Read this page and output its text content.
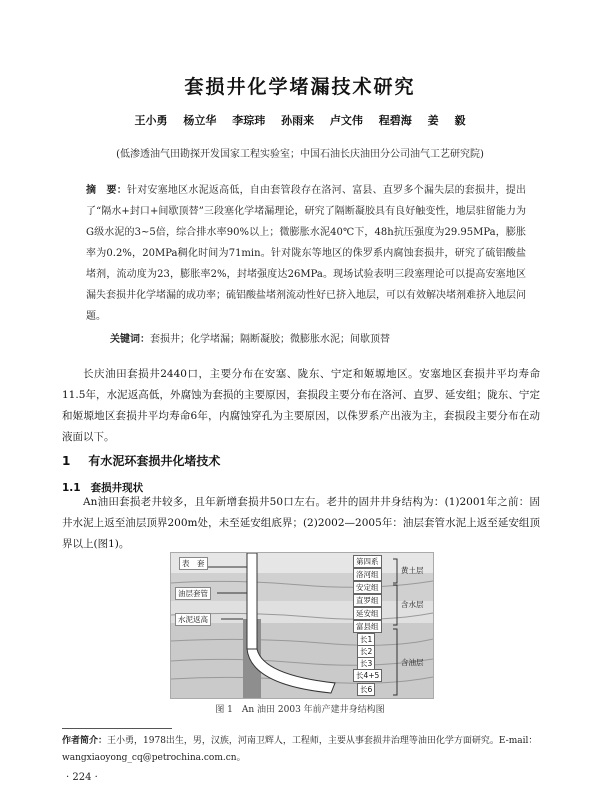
套损井化学堵漏技术研究
王小勇 杨立华 李琮玮 孙雨来 卢文伟 程碧海 姜 毅
(低渗透油气田勘探开发国家工程实验室；中国石油长庆油田分公司油气工艺研究院)
摘　要：针对安塞地区水泥返高低，自由套管段存在洛河、富县、直罗多个漏失层的套损井，提出了“隔水+封口+间歇顶替”三段塞化学堵漏理论，研究了隔断凝胶具有良好触变性，地层驻留能力为G级水泥的3~5倍，综合排水率90%以上；微膨胀水泥40℃下，48h抗压强度为29.95MPa，膨胀率为0.2%，20MPa稠化时间为71min。针对陇东等地区的侏罗系内腐蚀套损井，研究了硫铝酸盐堵剂，流动度为23，膨胀率2%，封堵强度达26MPa。现场试验表明三段塞理论可以提高安塞地区漏失套损井化学堵漏的成功率；硫铝酸盐堵剂流动性好已挤入地层，可以有效解决堵剂难挤入地层问题。
关键词：套损井；化学堵漏；隔断凝胶；微膨胀水泥；间歇顶替
长庆油田套损井2440口，主要分布在安塞、陇东、宁定和姬塬地区。安塞地区套损井平均寿命11.5年，水泥返高低，外腐蚀为套损的主要原因，套损段主要分布在洛河、直罗、延安组；陇东、宁定和姬塬地区套损井平均寿命6年，内腐蚀穿孔为主要原因，以侏罗系产出液为主，套损段主要分布在动液面以下。
1 有水泥环套损井化堵技术
1.1 套损井现状
An油田套损老井较多，且年新增套损井50口左右。老井的固井井身结构为：(1)2001年之前：固井水泥上返至油层顶界200m处，未至延安组底界；(2)2002—2005年：油层套管水泥上返至延安组顶界以上(图1)。
表　套
油层套管
水泥返高
第四系
洛河组
安定组
直罗组
延安组
富县组
长1
长2
长3
长4+5
长6
黄土层
含水层
含油层
图 1　An 油田 2003 年前产建井身结构图
作者简介：王小勇，1978出生，男，汉族，河南卫辉人，工程师，主要从事套损井治理等油田化学方面研究。E-mail：wangxiaoyong_cq@petrochina.com.cn。
· 224 ·
